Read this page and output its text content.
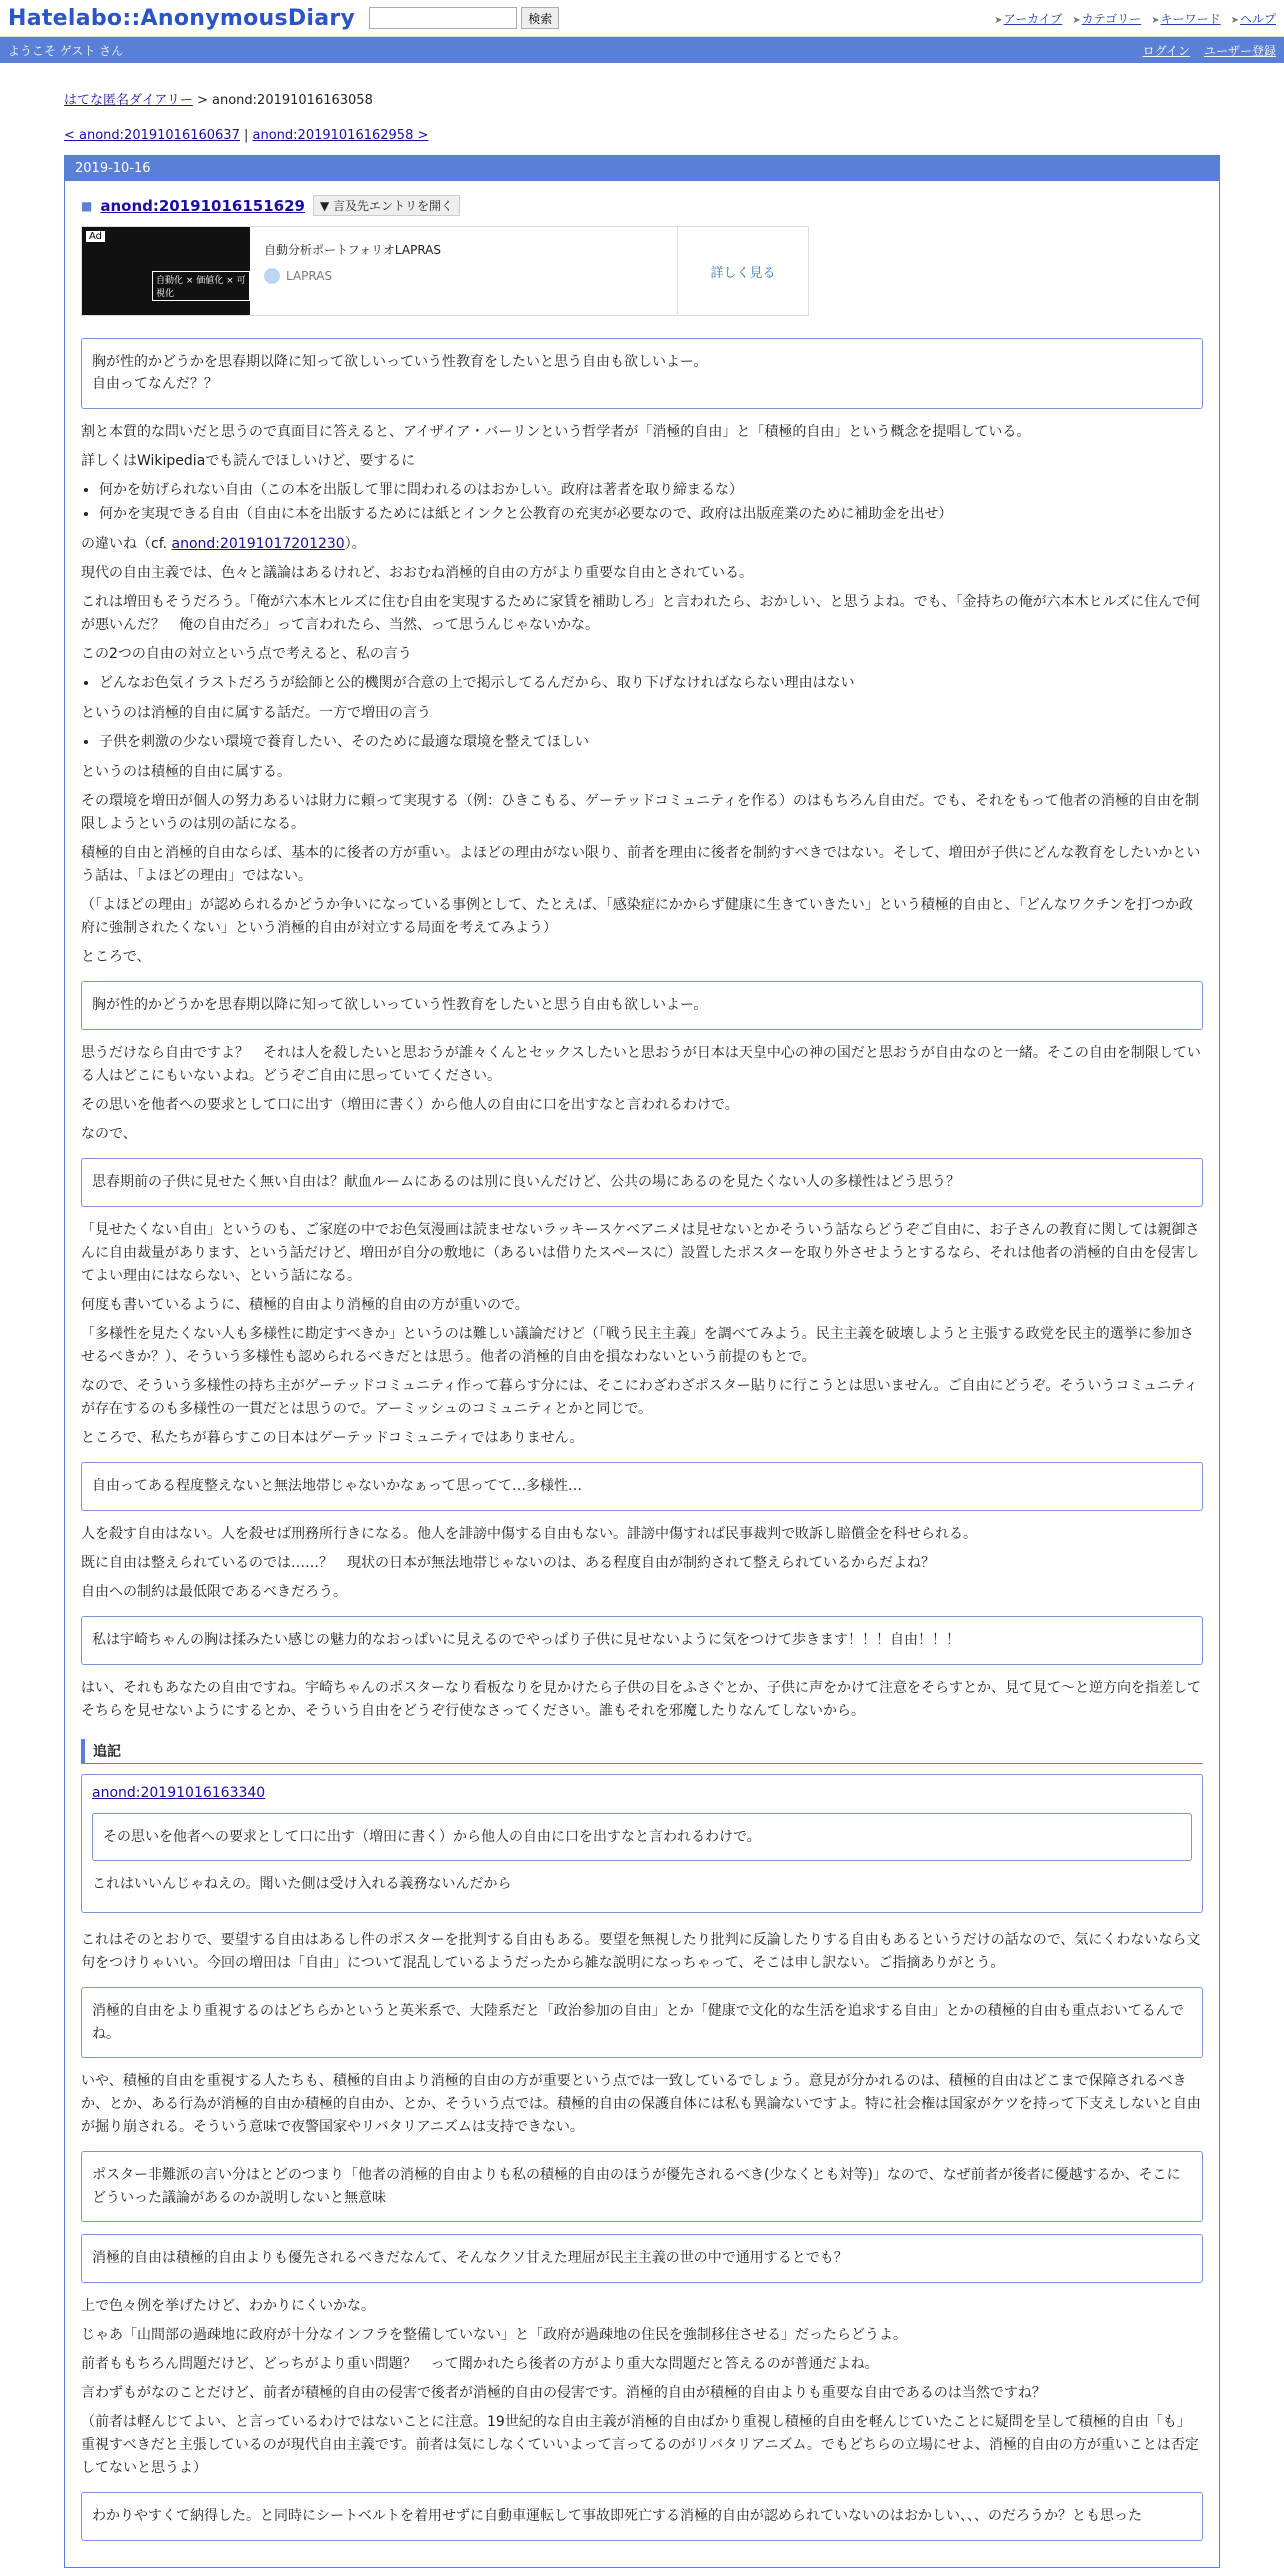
Hatelabo::AnonymousDiary	検索	➤アーカイブ ➤カテゴリー ➤キーワード ➤ヘルプ
ようこそ ゲスト さん	ログイン ユーザー登録
はてな匿名ダイアリー > anond:20191016163058
< anond:20191016160637 | anond:20191016162958 >
2019-10-16
■ anond:20191016151629	▼ 言及先エントリを開く
Ad
自動化 × 価値化 × 可視化
自動分析ポートフォリオLAPRAS
LAPRAS	詳しく見る
胸が性的かどうかを思春期以降に知って欲しいっていう性教育をしたいと思う自由も欲しいよー。
自由ってなんだ？？

割と本質的な問いだと思うので真面目に答えると、アイザイア・バーリンという哲学者が「消極的自由」と「積極的自由」という概念を提唱している。

詳しくはWikipediaでも読んでほしいけど、要するに

• 何かを妨げられない自由（この本を出版して罪に問われるのはおかしい。政府は著者を取り締まるな）
• 何かを実現できる自由（自由に本を出版するためには紙とインクと公教育の充実が必要なので、政府は出版産業のために補助金を出せ）

の違いね（cf. anond:20191017201230）。

現代の自由主義では、色々と議論はあるけれど、おおむね消極的自由の方がより重要な自由とされている。

これは増田もそうだろう。「俺が六本木ヒルズに住む自由を実現するために家賃を補助しろ」と言われたら、おかしい、と思うよね。でも、「金持ちの俺が六本木ヒルズに住んで何が悪いんだ？　俺の自由だろ」って言われたら、当然、って思うんじゃないかな。

この2つの自由の対立という点で考えると、私の言う

• どんなお色気イラストだろうが絵師と公的機関が合意の上で掲示してるんだから、取り下げなければならない理由はない

というのは消極的自由に属する話だ。一方で増田の言う

• 子供を刺激の少ない環境で養育したい、そのために最適な環境を整えてほしい

というのは積極的自由に属する。

その環境を増田が個人の努力あるいは財力に頼って実現する（例：ひきこもる、ゲーテッドコミュニティを作る）のはもちろん自由だ。でも、それをもって他者の消極的自由を制限しようというのは別の話になる。

積極的自由と消極的自由ならば、基本的に後者の方が重い。よほどの理由がない限り、前者を理由に後者を制約すべきではない。そして、増田が子供にどんな教育をしたいかという話は、「よほどの理由」ではない。

（「よほどの理由」が認められるかどうか争いになっている事例として、たとえば、「感染症にかからず健康に生きていきたい」という積極的自由と、「どんなワクチンを打つか政府に強制されたくない」という消極的自由が対立する局面を考えてみよう）

ところで、

胸が性的かどうかを思春期以降に知って欲しいっていう性教育をしたいと思う自由も欲しいよー。

思うだけなら自由ですよ？　それは人を殺したいと思おうが誰々くんとセックスしたいと思おうが日本は天皇中心の神の国だと思おうが自由なのと一緒。そこの自由を制限している人はどこにもいないよね。どうぞご自由に思っていてください。

その思いを他者への要求として口に出す（増田に書く）から他人の自由に口を出すなと言われるわけで。

なので、

思春期前の子供に見せたく無い自由は？献血ルームにあるのは別に良いんだけど、公共の場にあるのを見たくない人の多様性はどう思う？

「見せたくない自由」というのも、ご家庭の中でお色気漫画は読ませないラッキースケベアニメは見せないとかそういう話ならどうぞご自由に、お子さんの教育に関しては親御さんに自由裁量があります、という話だけど、増田が自分の敷地に（あるいは借りたスペースに）設置したポスターを取り外させようとするなら、それは他者の消極的自由を侵害してよい理由にはならない、という話になる。

何度も書いているように、積極的自由より消極的自由の方が重いので。

「多様性を見たくない人も多様性に勘定すべきか」というのは難しい議論だけど（「戦う民主主義」を調べてみよう。民主主義を破壊しようと主張する政党を民主的選挙に参加させるべきか？）、そういう多様性も認められるべきだとは思う。他者の消極的自由を損なわないという前提のもとで。

なので、そういう多様性の持ち主がゲーテッドコミュニティ作って暮らす分には、そこにわざわざポスター貼りに行こうとは思いません。ご自由にどうぞ。そういうコミュニティが存在するのも多様性の一貫だとは思うので。アーミッシュのコミュニティとかと同じで。

ところで、私たちが暮らすこの日本はゲーテッドコミュニティではありません。

自由ってある程度整えないと無法地帯じゃないかなぁって思ってて…多様性…

人を殺す自由はない。人を殺せば刑務所行きになる。他人を誹謗中傷する自由もない。誹謗中傷すれば民事裁判で敗訴し賠償金を科せられる。

既に自由は整えられているのでは……？　現状の日本が無法地帯じゃないのは、ある程度自由が制約されて整えられているからだよね？

自由への制約は最低限であるべきだろう。

私は宇崎ちゃんの胸は揉みたい感じの魅力的なおっぱいに見えるのでやっぱり子供に見せないように気をつけて歩きます！！！自由！！！

はい、それもあなたの自由ですね。宇崎ちゃんのポスターなり看板なりを見かけたら子供の目をふさぐとか、子供に声をかけて注意をそらすとか、見て見て～と逆方向を指差してそちらを見せないようにするとか、そういう自由をどうぞ行使なさってください。誰もそれを邪魔したりなんてしないから。

追記
anond:20191016163340
その思いを他者への要求として口に出す（増田に書く）から他人の自由に口を出すなと言われるわけで。

これはいいんじゃねえの。聞いた側は受け入れる義務ないんだから

これはそのとおりで、要望する自由はあるし件のポスターを批判する自由もある。要望を無視したり批判に反論したりする自由もあるというだけの話なので、気にくわないなら文句をつけりゃいい。今回の増田は「自由」について混乱しているようだったから雑な説明になっちゃって、そこは申し訳ない。ご指摘ありがとう。

消極的自由をより重視するのはどちらかというと英米系で、大陸系だと「政治参加の自由」とか「健康で文化的な生活を追求する自由」とかの積極的自由も重点おいてるんでね。

いや、積極的自由を重視する人たちも、積極的自由より消極的自由の方が重要という点では一致しているでしょう。意見が分かれるのは、積極的自由はどこまで保障されるべきか、とか、ある行為が消極的自由か積極的自由か、とか、そういう点では。積極的自由の保護自体には私も異論ないですよ。特に社会権は国家がケツを持って下支えしないと自由が掘り崩される。そういう意味で夜警国家やリバタリアニズムは支持できない。

ポスター非難派の言い分はとどのつまり「他者の消極的自由よりも私の積極的自由のほうが優先されるべき(少なくとも対等)」なので、なぜ前者が後者に優越するか、そこにどういった議論があるのか説明しないと無意味
消極的自由は積極的自由よりも優先されるべきだなんて、そんなクソ甘えた理屈が民主主義の世の中で通用するとでも？

上で色々例を挙げたけど、わかりにくいかな。

じゃあ「山間部の過疎地に政府が十分なインフラを整備していない」と「政府が過疎地の住民を強制移住させる」だったらどうよ。

前者ももちろん問題だけど、どっちがより重い問題？　って聞かれたら後者の方がより重大な問題だと答えるのが普通だよね。

言わずもがなのことだけど、前者が積極的自由の侵害で後者が消極的自由の侵害です。消極的自由が積極的自由よりも重要な自由であるのは当然ですね？

（前者は軽んじてよい、と言っているわけではないことに注意。19世紀的な自由主義が消極的自由ばかり重視し積極的自由を軽んじていたことに疑問を呈して積極的自由「も」重視すべきだと主張しているのが現代自由主義です。前者は気にしなくていいよって言ってるのがリバタリアニズム。でもどちらの立場にせよ、消極的自由の方が重いことは否定してないと思うよ）

わかりやすくて納得した。と同時にシートベルトを着用せずに自動車運転して事故即死亡する消極的自由が認められていないのはおかしい、、、のだろうか？とも思った
